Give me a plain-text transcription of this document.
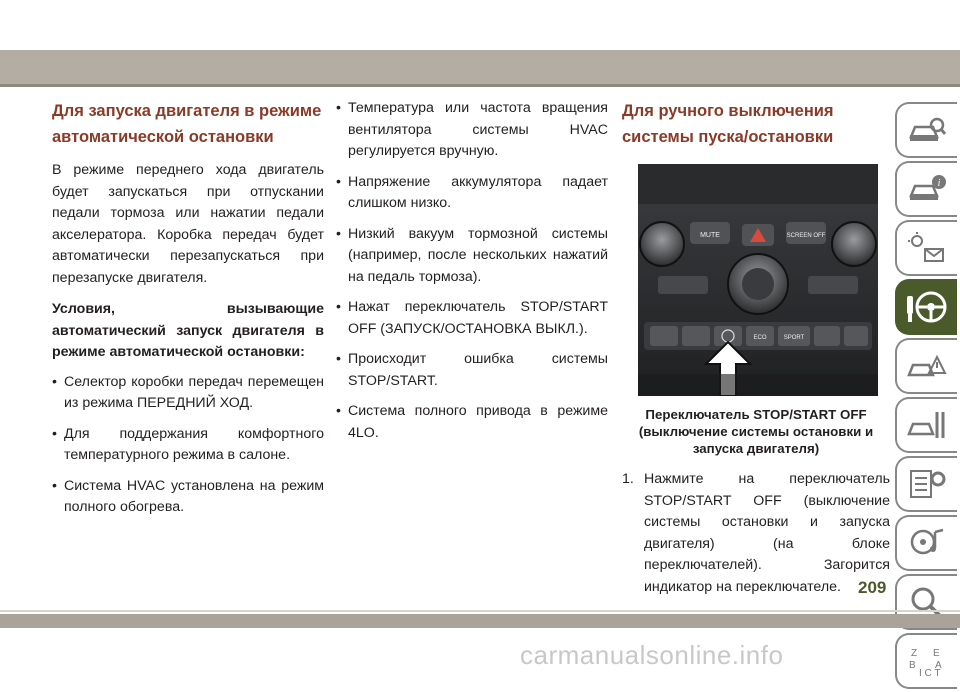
Для запуска двигателя в режиме автоматической остановки

В режиме переднего хода двигатель будет запускаться при отпускании педали тормоза или нажатии педали акселератора. Коробка передач будет автоматически перезапускаться при перезапуске двигателя.

Условия, вызывающие автоматический запуск двигателя в режиме автоматической остановки:

• Селектор коробки передач перемещен из режима ПЕРЕДНИЙ ХОД.
• Для поддержания комфортного температурного режима в салоне.
• Система HVAC установлена на режим полного обогрева.
• Температура или частота вращения вентилятора системы HVAC регулируется вручную.
• Напряжение аккумулятора падает слишком низко.
• Низкий вакуум тормозной системы (например, после нескольких нажатий на педаль тормоза).
• Нажат переключатель STOP/START OFF (ЗАПУСК/ОСТАНОВКА ВЫКЛ.).
• Происходит ошибка системы STOP/START.
• Система полного привода в режиме 4LO.
Для ручного выключения системы пуска/остановки
MUTE	SCREEN OFF
ECO	SPORT
Переключатель STOP/START OFF (выключение системы остановки и запуска двигателя)
1. Нажмите на переключатель STOP/START OFF (выключение системы остановки и запуска двигателя) (на блоке переключателей). Загорится индикатор на переключателе.
i
Z E
B A
I C T
209
carmanualsonline.info
